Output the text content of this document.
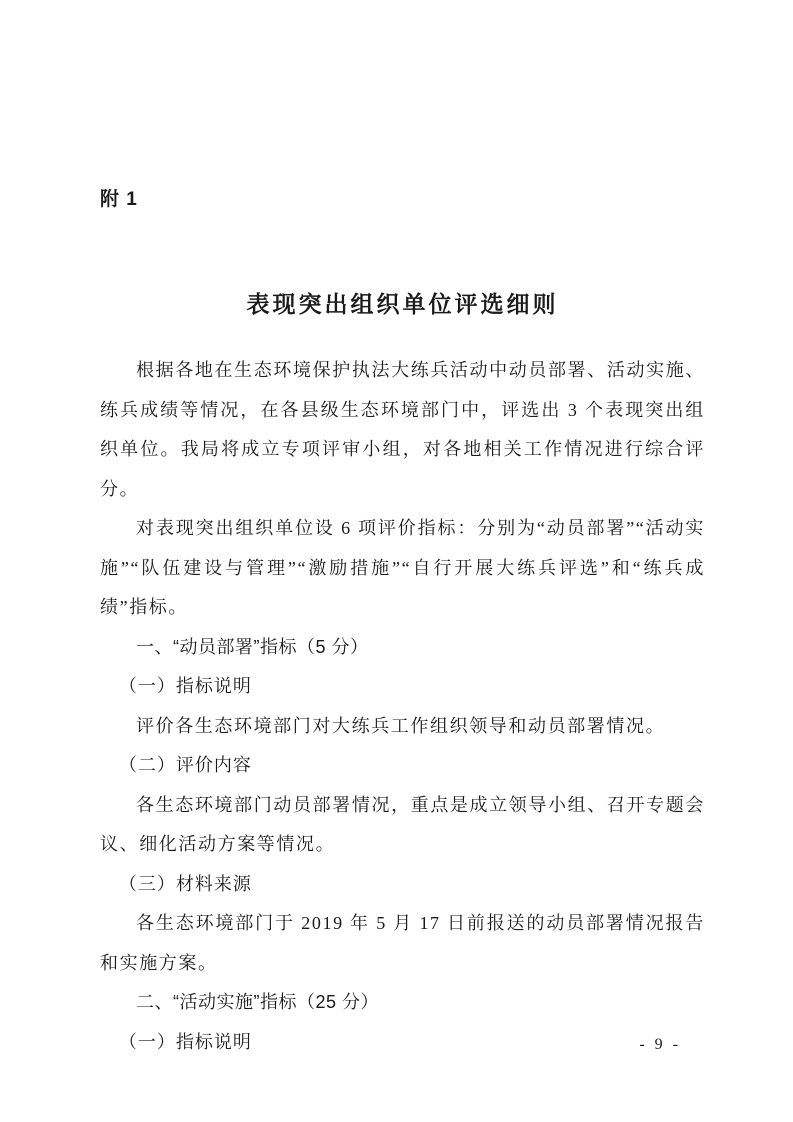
附 1
表现突出组织单位评选细则

根据各地在生态环境保护执法大练兵活动中动员部署、活动实施、练兵成绩等情况，在各县级生态环境部门中，评选出 3 个表现突出组织单位。我局将成立专项评审小组，对各地相关工作情况进行综合评分。

对表现突出组织单位设 6 项评价指标：分别为“动员部署”“活动实施”“队伍建设与管理”“激励措施”“自行开展大练兵评选”和“练兵成绩”指标。

一、“动员部署”指标（5 分）
（一）指标说明

评价各生态环境部门对大练兵工作组织领导和动员部署情况。

（二）评价内容

各生态环境部门动员部署情况，重点是成立领导小组、召开专题会议、细化活动方案等情况。

（三）材料来源

各生态环境部门于 2019 年 5 月 17 日前报送的动员部署情况报告和实施方案。

二、“活动实施”指标（25 分）
（一）指标说明	- 9 -
